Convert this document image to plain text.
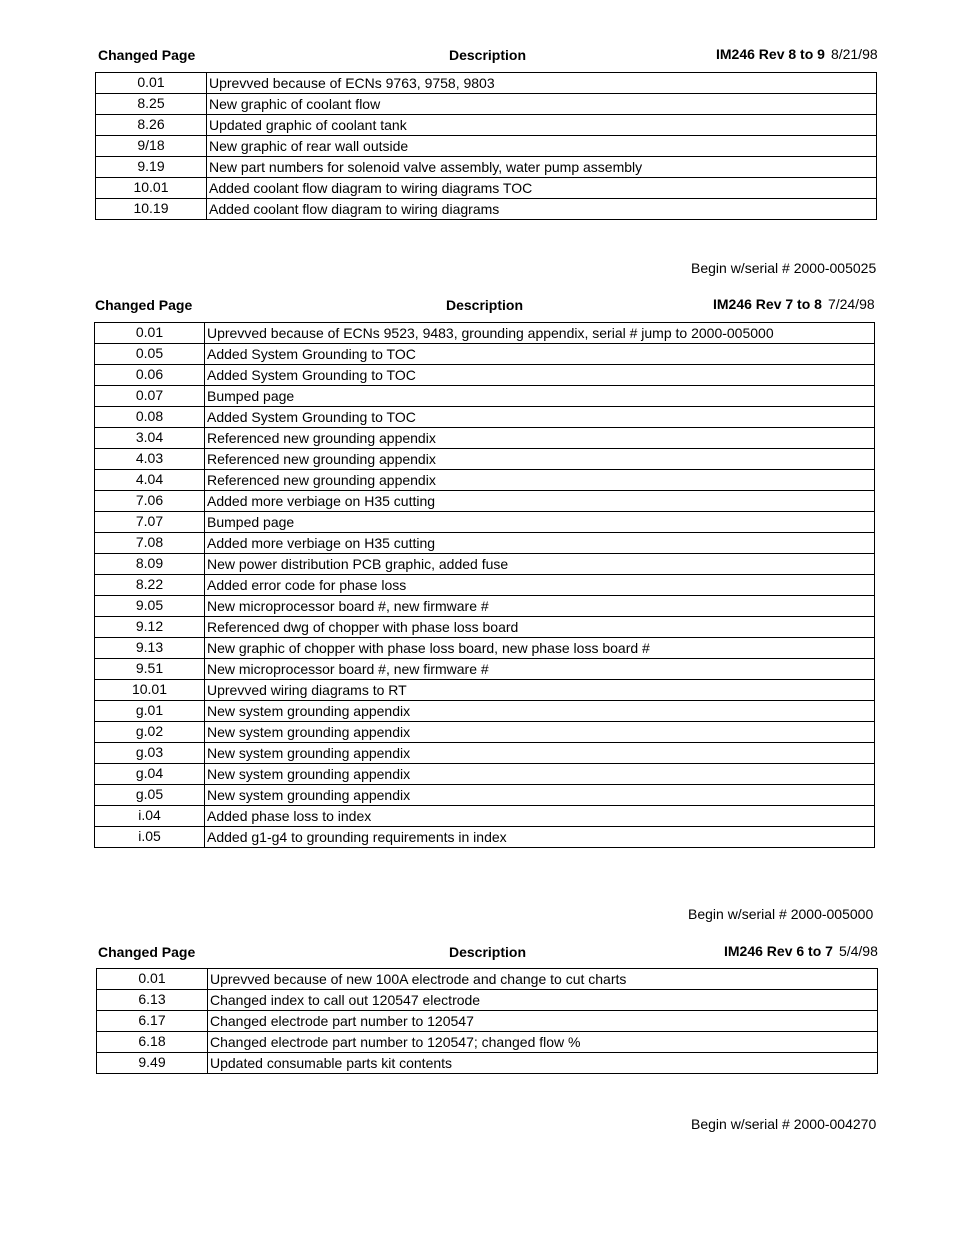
Changed Page	Description	IM246 Rev 8 to 9 8/21/98
0.01	Uprevved because of ECNs 9763, 9758, 9803
8.25	New graphic of coolant flow
8.26	Updated graphic of coolant tank
9/18	New graphic of rear wall outside
9.19	New part numbers for solenoid valve assembly, water pump assembly
10.01	Added coolant flow diagram to wiring diagrams TOC
10.19	Added coolant flow diagram to wiring diagrams
Begin w/serial # 2000-005025
Changed Page	Description	IM246 Rev 7 to 8 7/24/98
0.01	Uprevved because of ECNs 9523, 9483, grounding appendix, serial # jump to 2000-005000
0.05	Added System Grounding to TOC
0.06	Added System Grounding to TOC
0.07	Bumped page
0.08	Added System Grounding to TOC
3.04	Referenced new grounding appendix
4.03	Referenced new grounding appendix
4.04	Referenced new grounding appendix
7.06	Added more verbiage on H35 cutting
7.07	Bumped page
7.08	Added more verbiage on H35 cutting
8.09	New power distribution PCB graphic, added fuse
8.22	Added error code for phase loss
9.05	New microprocessor board #, new firmware #
9.12	Referenced dwg of chopper with phase loss board
9.13	New graphic of chopper with phase loss board, new phase loss board #
9.51	New microprocessor board #, new firmware #
10.01	Uprevved wiring diagrams to RT
g.01	New system grounding appendix
g.02	New system grounding appendix
g.03	New system grounding appendix
g.04	New system grounding appendix
g.05	New system grounding appendix
i.04	Added phase loss to index
i.05	Added g1-g4 to grounding requirements in index
Begin w/serial # 2000-005000
Changed Page	Description	IM246 Rev 6 to 7 5/4/98
0.01	Uprevved because of new 100A electrode and change to cut charts
6.13	Changed index to call out 120547 electrode
6.17	Changed electrode part number to 120547
6.18	Changed electrode part number to 120547; changed flow %
9.49	Updated consumable parts kit contents
Begin w/serial # 2000-004270
